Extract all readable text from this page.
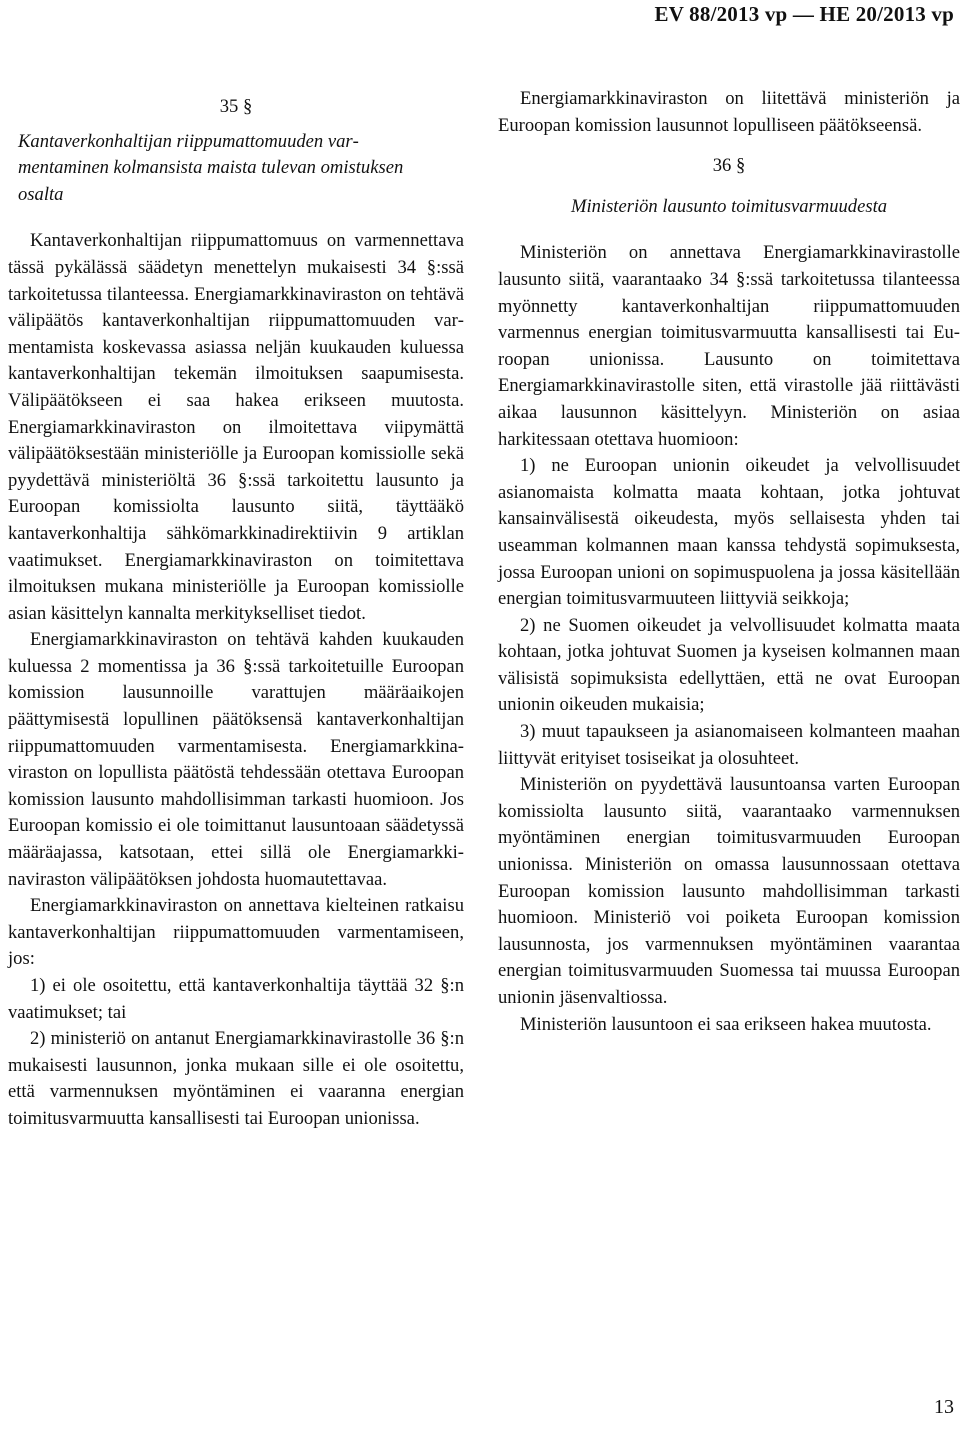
EV 88/2013 vp — HE 20/2013 vp

35 §

Kantaverkonhaltijan riippumattomuuden varmentaminen kolmansista maista tulevan omistuksen osalta

Kantaverkonhaltijan riippumattomuus on varmennettava tässä pykälässä säädetyn menettelyn mukaisesti 34 §:ssä tarkoitetussa tilanteessa. Energiamarkkinaviraston on tehtävä välipäätös kantaverkonhaltijan riippumattomuuden varmentamista koskevassa asiassa neljän kuukauden kuluessa kantaverkonhaltijan tekemän ilmoituksen saapumisesta. Välipäätökseen ei saa hakea erikseen muutosta. Energiamarkkinaviraston on ilmoitettava viipymättä välipäätöksestään ministeriölle ja Euroopan komissiolle sekä pyydettävä ministeriöltä 36 §:ssä tarkoitettu lausunto ja Euroopan komissiolta lausunto siitä, täyttääkö kantaverkonhaltija sähkömarkkinadirektiivin 9 artiklan vaatimukset. Energiamarkkinaviraston on toimitettava ilmoituksen mukana ministeriölle ja Euroopan komissiolle asian käsittelyn kannalta merkitykselliset tiedot.

Energiamarkkinaviraston on tehtävä kahden kuukauden kuluessa 2 momentissa ja 36 §:ssä tarkoitetuille Euroopan komission lausunnoille varattujen määräaikojen päättymisestä lopullinen päätöksensä kantaverkonhaltijan riippumattomuuden varmentamisesta. Energiamarkkinaviraston on lopullista päätöstä tehdessään otettava Euroopan komission lausunto mahdollisimman tarkasti huomioon. Jos Euroopan komissio ei ole toimittanut lausuntoaan säädetyssä määräajassa, katsotaan, ettei sillä ole Energiamarkkinaviraston välipäätöksen johdosta huomautettavaa.

Energiamarkkinaviraston on annettava kielteinen ratkaisu kantaverkonhaltijan riippumattomuuden varmentamiseen, jos:

1) ei ole osoitettu, että kantaverkonhaltija täyttää 32 §:n vaatimukset; tai

2) ministeriö on antanut Energiamarkkinavirastolle 36 §:n mukaisesti lausunnon, jonka mukaan sille ei ole osoitettu, että varmennuksen myöntäminen ei vaaranna energian toimitusvarmuutta kansallisesti tai Euroopan unionissa.

Energiamarkkinaviraston on liitettävä ministeriön ja Euroopan komission lausunnot lopulliseen päätökseensä.

36 §

Ministeriön lausunto toimitusvarmuudesta

Ministeriön on annettava Energiamarkkinavirastolle lausunto siitä, vaarantaako 34 §:ssä tarkoitetussa tilanteessa myönnetty kantaverkonhaltijan riippumattomuuden varmennus energian toimitusvarmuutta kansallisesti tai Euroopan unionissa. Lausunto on toimitettava Energiamarkkinavirastolle siten, että virastolle jää riittävästi aikaa lausunnon käsittelyyn. Ministeriön on asiaa harkitessaan otettava huomioon:

1) ne Euroopan unionin oikeudet ja velvollisuudet asianomaista kolmatta maata kohtaan, jotka johtuvat kansainvälisestä oikeudesta, myös sellaisesta yhden tai useamman kolmannen maan kanssa tehdystä sopimuksesta, jossa Euroopan unioni on sopimuspuolena ja jossa käsitellään energian toimitusvarmuuteen liittyviä seikkoja;

2) ne Suomen oikeudet ja velvollisuudet kolmatta maata kohtaan, jotka johtuvat Suomen ja kyseisen kolmannen maan välisistä sopimuksista edellyttäen, että ne ovat Euroopan unionin oikeuden mukaisia;

3) muut tapaukseen ja asianomaiseen kolmanteen maahan liittyvät erityiset tosiseikat ja olosuhteet.

Ministeriön on pyydettävä lausuntoansa varten Euroopan komissiolta lausunto siitä, vaarantaako varmennuksen myöntäminen energian toimitusvarmuuden Euroopan unionissa. Ministeriön on omassa lausunnossaan otettava Euroopan komission lausunto mahdollisimman tarkasti huomioon. Ministeriö voi poiketa Euroopan komission lausunnosta, jos varmennuksen myöntäminen vaarantaa energian toimitusvarmuuden Suomessa tai muussa Euroopan unionin jäsenvaltiossa.

Ministeriön lausuntoon ei saa erikseen hakea muutosta.

13
